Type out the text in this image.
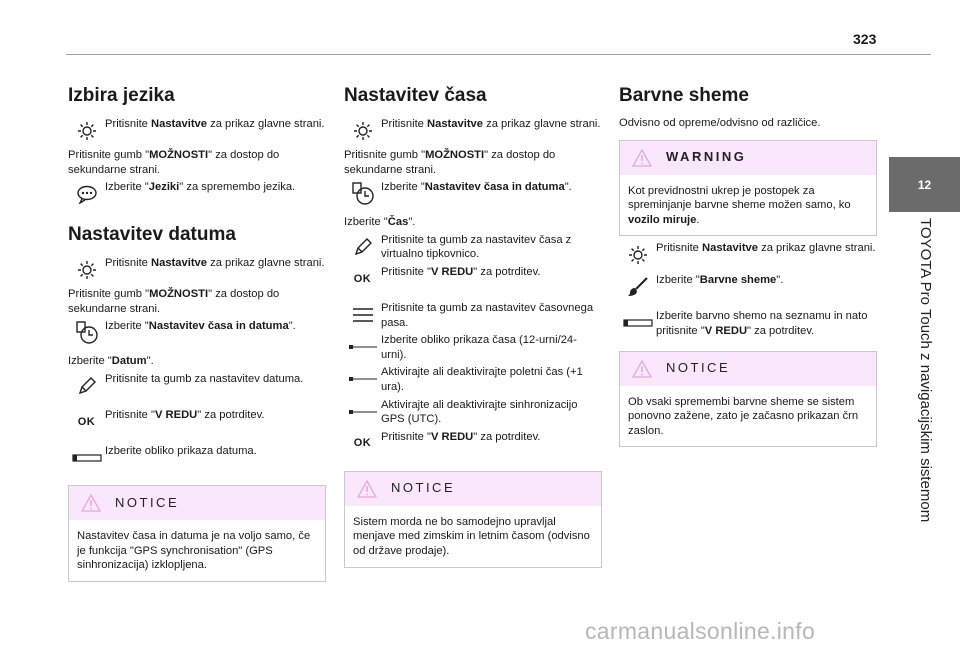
323
12
TOYOTA Pro Touch z navigacijskim sistemom
Izbira jezika
Pritisnite Nastavitve za prikaz glavne strani.
Pritisnite gumb "MOŽNOSTI" za dostop do sekundarne strani.
Izberite "Jeziki" za spremembo jezika.
Nastavitev datuma
Pritisnite Nastavitve za prikaz glavne strani.
Pritisnite gumb "MOŽNOSTI" za dostop do sekundarne strani.
Izberite "Nastavitev časa in datuma".
Izberite "Datum".
Pritisnite ta gumb za nastavitev datuma.
OK
Pritisnite "V REDU" za potrditev.
Izberite obliko prikaza datuma.
NOTICE
Nastavitev časa in datuma je na voljo samo, če je funkcija "GPS synchronisation" (GPS sinhronizacija) izklopljena.
Nastavitev časa
Pritisnite Nastavitve za prikaz glavne strani.
Pritisnite gumb "MOŽNOSTI" za dostop do sekundarne strani.
Izberite "Nastavitev časa in datuma".
Izberite "Čas".
Pritisnite ta gumb za nastavitev časa z virtualno tipkovnico.
OK
Pritisnite "V REDU" za potrditev.
Pritisnite ta gumb za nastavitev časovnega pasa.
Izberite obliko prikaza časa (12-urni/24-urni).
Aktivirajte ali deaktivirajte poletni čas (+1 ura).
Aktivirajte ali deaktivirajte sinhronizacijo GPS (UTC).
OK
Pritisnite "V REDU" za potrditev.
NOTICE
Sistem morda ne bo samodejno upravljal menjave med zimskim in letnim časom (odvisno od države prodaje).
Barvne sheme
Odvisno od opreme/odvisno od različice.
WARNING
Kot previdnostni ukrep je postopek za spreminjanje barvne sheme možen samo, ko vozilo miruje.
Pritisnite Nastavitve za prikaz glavne strani.
Izberite "Barvne sheme".
Izberite barvno shemo na seznamu in nato pritisnite "V REDU" za potrditev.
NOTICE
Ob vsaki spremembi barvne sheme se sistem ponovno zažene, zato je začasno prikazan črn zaslon.
carmanualsonline.info
